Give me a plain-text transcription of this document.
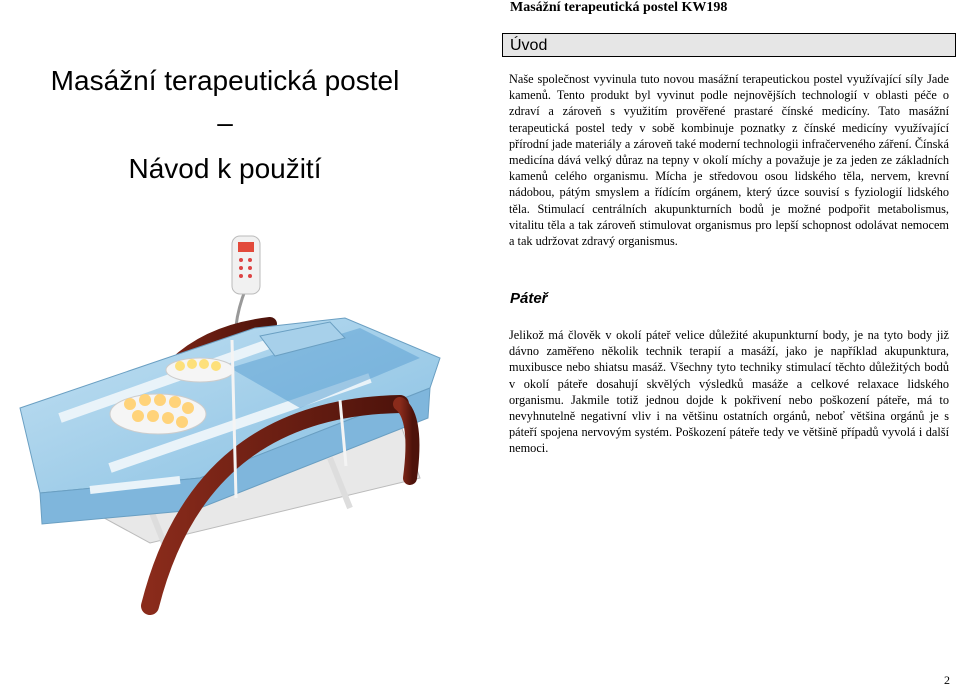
Masážní terapeutická postel KW198
Masážní terapeutická postel
–
Návod k použití
Úvod

Naše společnost vyvinula tuto novou masážní terapeutickou postel využívající síly Jade kamenů. Tento produkt byl vyvinut podle nejnovějších technologií v oblasti péče o zdraví a zároveň s využitím prověřené prastaré čínské medicíny. Tato masážní terapeutická postel tedy v sobě kombinuje poznatky z čínské medicíny využívající přírodní jade materiály a zároveň také moderní technologii infračerveného záření. Čínská medicína dává velký důraz na tepny v okolí míchy a považuje je za jeden ze základních kamenů celého organismu. Mícha je středovou osou lidského těla, nervem, krevní nádobou, pátým smyslem a řídícím orgánem, který úzce souvisí s fyziologií lidského těla. Stimulací centrálních akupunkturních bodů je možné podpořit metabolismus, vitalitu těla a tak zároveň stimulovat organismus pro lepší schopnost odolávat nemocem a tak udržovat zdravý organismus.

Páteř

Jelikož má člověk v okolí páteř velice důležité akupunkturní body, je na tyto body již dávno zaměřeno několik technik terapií a masáží, jako je například akupunktura, muxibusce nebo shiatsu masáž. Všechny tyto techniky stimulací těchto důležitých bodů v okolí páteře dosahují skvělých výsledků masáže a celkové relaxace lidského organismu. Jakmile totiž jednou dojde k pokřivení nebo poškození páteře, má to nevyhnutelně negativní vliv i na většinu ostatních orgánů, neboť většina orgánů je s páteří spojena nervovým systém. Poškození páteře tedy ve většině případů vyvolá i další nemoci.

2
